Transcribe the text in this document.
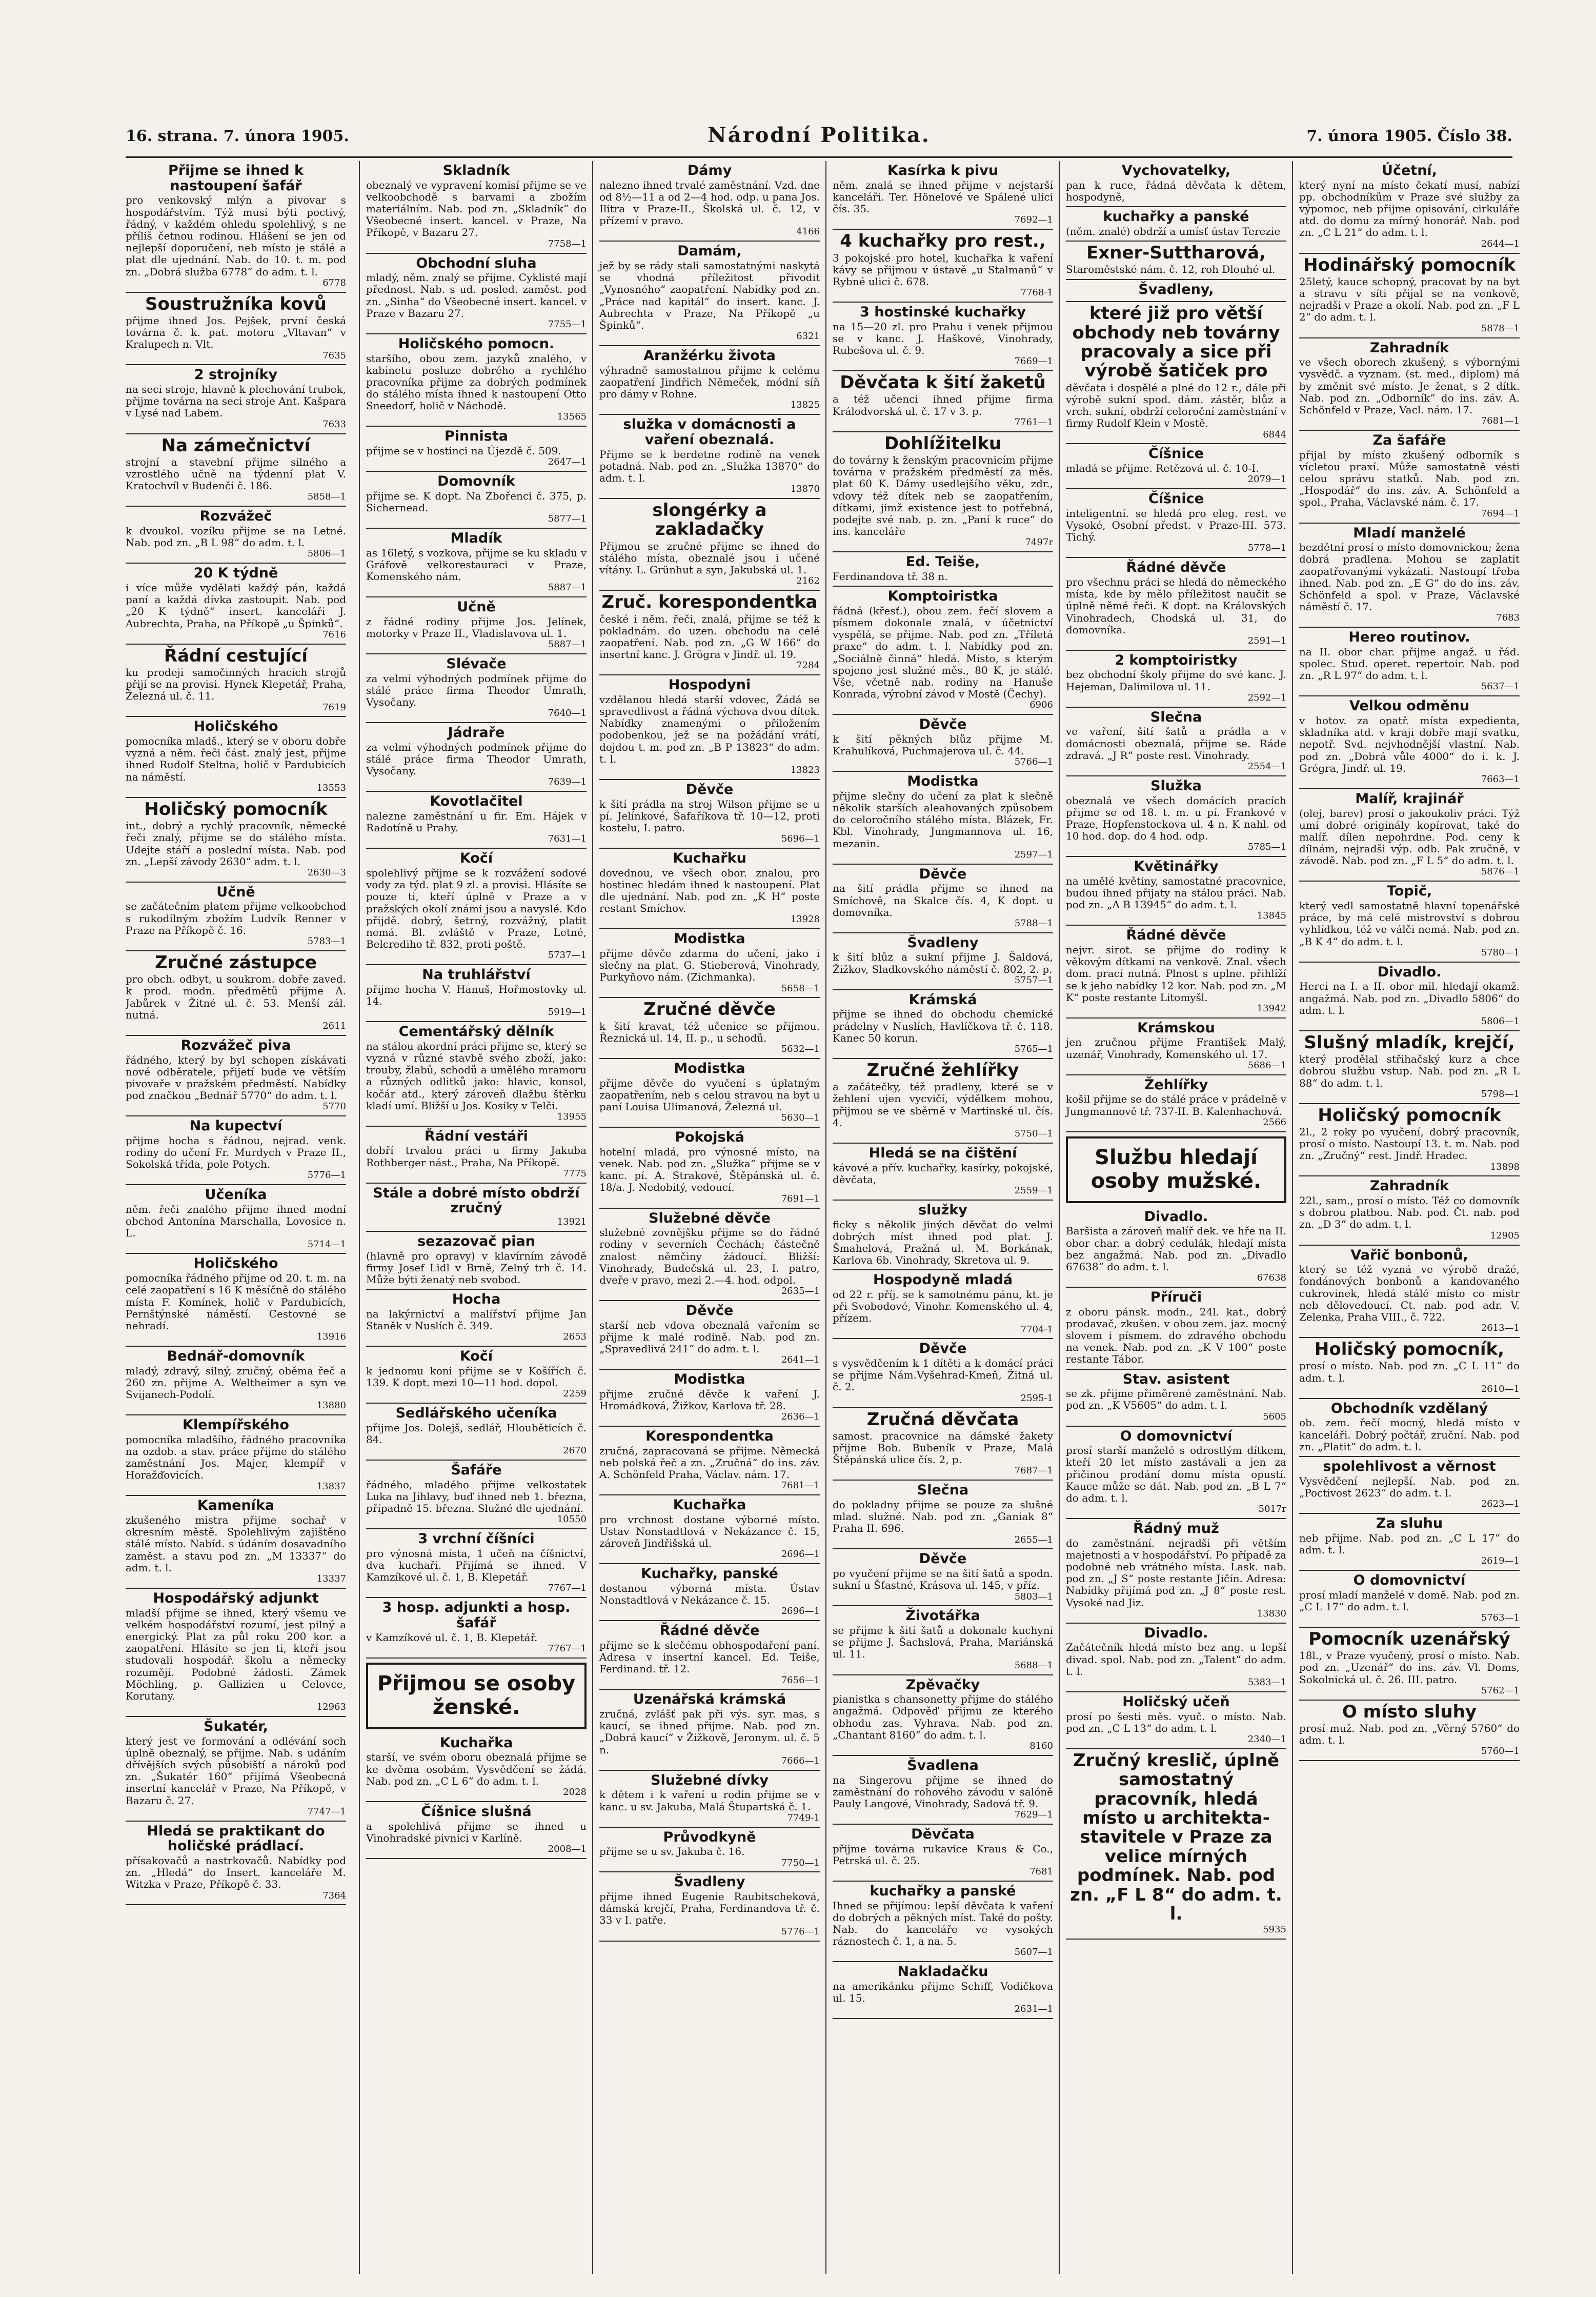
16. strana. 7. února 1905.	Národní Politika.	7. února 1905. Číslo 38.
Přijme se ihned k nastoupení šafář

pro venkovský mlýn a pivovar s hospodářstvím. Týž musí býti poctivý, řádný, v každém ohledu spolehlivý, s ne příliš četnou rodinou. Hlášení se jen od nejlepší doporučení, neb místo je stálé a plat dle ujednání. Nab. do 10. t. m. pod zn. „Dobrá služba 6778“ do adm. t. l.

6778
Soustružníka kovů

přijme ihned Jos. Pejšek, první česká továrna č. k. pat. motoru „Vltavan“ v Kralupech n. Vlt.

7635
2 strojníky

na seci stroje, hlavně k plechování trubek, přijme továrna na seci stroje Ant. Kašpara v Lysé nad Labem.

7633
Na zámečnictví

strojní a stavební přijme silného a vzrostlého učně na týdenní plat V. Kratochvíl v Budenči č. 186.

5858—1
Rozvážeč

k dvoukol. vozíku přijme se na Letné. Nab. pod zn. „B L 98“ do adm. t. l.

5806—1
20 K týdně

i více může vydělati každý pán, každá paní a každá dívka zastoupit. Nab. pod „20 K týdně“ insert. kanceláři J. Aubrechta, Praha, na Příkopě „u Špinků“.

7616
Řádní cestující

ku prodeji samočinných hracích strojů přijí se na provisi. Hynek Klepetář, Praha, Železná ul. č. 11.

7619
Holičského

pomocníka mladš., který se v oboru dobře vyzná a něm. řeči část. znalý jest, přijme ihned Rudolf Steltna, holič v Pardubicích na náměstí.

13553
Holičský pomocník

int., dobrý a rychlý pracovník, německé řeči znalý, přijme se do stálého místa. Udejte stáří a poslední místa. Nab. pod zn. „Lepší závody 2630“ adm. t. l.

2630—3
Učně

se začátečním platem přijme velkoobchod s rukodílným zbožím Ludvík Renner v Praze na Příkopě č. 16.

5783—1
Zručné zástupce

pro obch. odbyt, u soukrom. dobře zaved. k prod. modn. předmětů přijme A. Jabůrek v Žitné ul. č. 53. Menší zál. nutná.

2611
Rozvážeč piva

řádného, který by byl schopen získávati nové odběratele, přijetí bude ve větším pivovaře v pražském předměstí. Nabídky pod značkou „Bednář 5770“ do adm. t. l.

5770
Na kupectví

přijme hocha s řádnou, nejrad. venk. rodiny do učení Fr. Murdych v Praze II., Sokolská třída, pole Potych.

5776—1
Učeníka

něm. řeči znalého přijme ihned modní obchod Antonína Marschalla, Lovosice n. L.

5714—1
Holičského

pomocníka řádného přijme od 20. t. m. na celé zaopatření s 16 K měsíčně do stálého místa F. Komínek, holič v Pardubicích, Pernštýnské náměstí. Cestovné se nehradí.

13916
Bednář-domovník

mladý, zdravý, silný, zručný, oběma řeč a 260 zn. přijme A. Weltheimer a syn ve Svijanech-Podolí.

13880
Klempířského

pomocníka mladšího, řádného pracovníka na ozdob. a stav. práce přijme do stálého zaměstnání Jos. Majer, klempíř v Horažďovicích.

13837
Kameníka

zkušeného mistra přijme sochař v okresním městě. Spolehlivým zajištěno stálé místo. Nabíd. s údáním dosavadního zaměst. a stavu pod zn. „M 13337“ do adm. t. l.

13337
Hospodářský adjunkt

mladší přijme se ihned, který všemu ve velkém hospodářství rozumí, jest pilný a energický. Plat za půl roku 200 kor. a zaopatření. Hlásíte se jen ti, kteří jsou studovali hospodář. školu a německy rozumějí. Podobné žádosti. Zámek Möchling, p. Gallizien u Celovce, Korutany.

12963
Šukatér,

který jest ve formování a odlévání soch úplně obeznalý, se přijme. Nab. s udáním dřívějších svých působiští a nároků pod zn. „Šukatér 160“ přijímá Všeobecná insertní kancelář v Praze, Na Příkopě, v Bazaru č. 27.

7747—1
Hledá se praktikant do holičské prádlací.

přísakovačů a nastrkovačů. Nabídky pod zn. „Hledá“ do Insert. kanceláře M. Witzka v Praze, Příkopě č. 33.

7364
Skladník

obeznalý ve vypravení komisí přijme se ve velkoobchodě s barvami a zbožím materiálním. Nab. pod zn. „Skladník“ do Všeobecné insert. kancel. v Praze, Na Příkopě, v Bazaru 27.

7758—1
Obchodní sluha

mladý, něm. znalý se přijme. Cyklisté mají přednost. Nab. s ud. posled. zaměst. pod zn. „Sinha“ do Všeobecné insert. kancel. v Praze v Bazaru 27.

7755—1
Holičského pomocn.

staršího, obou zem. jazyků znalého, v kabinetu posluze dobrého a rychlého pracovníka přijme za dobrých podmínek do stálého místa ihned k nastoupení Otto Sneedorf, holič v Náchodě.

13565
Pinnista

přijme se v hostinci na Újezdě č. 509.

2647—1
Domovník

přijme se. K dopt. Na Zbořenci č. 375, p. Sichernead.

5877—1
Mladík

as 16letý, s vozkova, přijme se ku skladu v Gráfově velkorestauraci v Praze, Komenského nám.

5887—1
Učně

z řádné rodiny přijme Jos. Jelínek, motorky v Praze II., Vladislavova ul. 1.

5887—1
Slévače

za velmi výhodných podmínek přijme do stálé práce firma Theodor Umrath, Vysočany.

7640—1
Jádraře

za velmi výhodných podmínek přijme do stálé práce firma Theodor Umrath, Vysočany.

7639—1
Kovotlačitel

nalezne zaměstnání u fir. Em. Hájek v Radotíně u Prahy.

7631—1
Kočí

spolehlivý přijme se k rozvážení sodové vody za týd. plat 9 zl. a provisi. Hlásíte se pouze ti, kteří úplně v Praze a v pražských okolí známi jsou a navyslé. Kdo přijdě. dobrý, šetrný, rozvážný, platit nemá. Bl. zvláště v Praze, Letné, Belcrediho tř. 832, proti poště.

5737—1
Na truhlářství

přijme hocha V. Hanuš, Hořmostovky ul. 14.

5919—1
Cementářský dělník

na stálou akordní práci přijme se, který se vyzná v různé stavbě svého zboží, jako: trouby, žlabů, schodů a umělého mramoru a různých odlitků jako: hlavic, konsol, kočár atd., který zároveň dlažbu štěrku kladí umí. Bližší u Jos. Kosiky v Telči.

13955
Řádní vestáři

dobří trvalou práci u firmy Jakuba Rothberger nást., Praha, Na Příkopě.

7775
Stále a dobré místo obdrží zručný
13921
sezazovač pian

(hlavně pro opravy) v klavírním závodě firmy Josef Lidl v Brně, Zelný trh č. 14. Může býti ženatý neb svobod.

Hocha

na lakýrnictví a malířství přijme Jan Staněk v Nuslích č. 349.

2653
Kočí

k jednomu koni přijme se v Košířích č. 139. K dopt. mezi 10—11 hod. dopol.

2259
Sedlářského učeníka

přijme Jos. Dolejš, sedlář, Hlouběticích č. 84.

2670
Šafáře

řádného, mladého přijme velkostatek Luka na Jihlavy, buď ihned neb 1. března, případně 15. března. Služné dle ujednání.

10550
3 vrchní číšníci

pro výnosná místa, 1 učeň na číšnictví, dva kuchaři. Přijímá se ihned. V Kamzíkové ul. č. 1, B. Klepetář.

7767—1
3 hosp. adjunkti a hosp. šafář

v Kamzíkové ul. č. 1, B. Klepetář.

7767—1
Přijmou se osoby ženské.
Kuchařka

starší, ve svém oboru obeznalá přijme se ke dvěma osobám. Vysvědčení se žádá. Nab. pod zn. „C L 6“ do adm. t. l.

2028
Číšnice slušná

a spolehlivá přijme se ihned u Vinohradské pivnici v Karlíně.

2008—1
Dámy

nalezno ihned trvalé zaměstnání. Vzd. dne od 8½—11 a od 2—4 hod. odp. u pana Jos. Ilitra v Praze-II., Školská ul. č. 12, v přízemí v pravo.

4166
Damám,

jež by se rády stali samostatnými naskytá se vhodná příležitost přivodit „Vynosného“ zaopatření. Nabídky pod zn. „Práce nad kapitál“ do insert. kanc. J. Aubrechta v Praze, Na Příkopě „u Špinků“.

6321
Aranžérku života

výhradně samostatnou přijme k celému zaopatření Jindřich Němeček, módní síň pro dámy v Rohne.

13825
služka v domácnosti a vaření obeznalá.

Přijme se k berdetne rodině na venek potadná. Nab. pod zn. „Služka 13870“ do adm. t. l.

13870
slongérky a zakladačky

Přijmou se zručné přijme se ihned do stálého místa, obeznalé jsou i učené vítány. L. Grünhut a syn, Jakubská ul. 1.

2162
Zruč. korespondentka

české i něm. řeči, znalá, přijme se též k pokladnám. do uzen. obchodu na celé zaopatření. Nab. pod zn. „G W 166“ do insertní kanc. J. Grögra v Jindř. ul. 19.

7284
Hospodyni

vzdělanou hledá starší vdovec, Žádá se spravedlivost a řádná výchova dvou dítek. Nabídky znamenými o přiložením podobenkou, jež se na požádání vrátí, dojdou t. m. pod zn. „B P 13823“ do adm. t. l.

13823
Děvče

k šití prádla na stroj Wilson přijme se u pí. Jelínkové, Šafaříkova tř. 10—12, proti kostelu, I. patro.

5696—1
Kuchařku

dovednou, ve všech obor. znalou, pro hostinec hledám ihned k nastoupení. Plat dle ujednání. Nab. pod zn. „K H“ poste restant Smíchov.

13928
Modistka

přijme děvče zdarma do učení, jako i slečny na plat. G. Stieberová, Vinohrady, Purkyňovo nám. (Zichmanka).

5658—1
Zručné děvče

k šití kravat, též učenice se přijmou. Řeznická ul. 14, II. p., u schodů.

5632—1
Modistka

přijme děvče do vyučení s úplatným zaopatřením, neb s celou stravou na byt u paní Louisa Ulimanová, Železná ul.

5630—1
Pokojská

hotelní mladá, pro výnosné místo, na venek. Nab. pod zn. „Služka“ přijme se v kanc. pí. A. Strakové, Štěpánská ul. č. 18/a. J. Nedobitý, vedoucí.

7691—1
Služebné děvče

služebné zovnějšku přijme se do řádné rodiny v severních Čechách; částečně znalost němčiny žádoucí. Bližší: Vinohrady, Budečská ul. 23, I. patro, dveře v pravo, mezi 2.—4. hod. odpol.

2635—1
Děvče

starší neb vdova obeznalá vařením se přijme k malé rodině. Nab. pod zn. „Spravedlivá 241“ do adm. t. l.

2641—1
Modistka

přijme zručné děvče k vaření J. Hromádková, Žižkov, Karlova tř. 28.

2636—1
Korespondentka

zručná, zapracovaná se přijme. Německá neb polská řeč a zn. „Zručná“ do ins. záv. A. Schönfeld Praha, Václav. nám. 17.

7681—1
Kuchařka

pro vrchnost dostane výborné místo. Ustav Nonstadtlová v Nekázance č. 15, zároveň Jindřišská ul.

2696—1
Kuchařky, panské

dostanou výborná místa. Ústav Nonstadtlová v Nekázance č. 15.

2696—1
Řádné děvče

přijme se k slečému obhospodaření paní. Adresa v insertní kancel. Ed. Teiše, Ferdinand. tř. 12.

7656—1
Uzenářská krámská

zručná, zvlášť pak při výs. syr. mas, s kaucí, se ihned přijme. Nab. pod zn. „Dobrá kaucí“ v Žižkově, Jeronym. ul. č. 5 n.

7666—1
Služebné dívky

k dětem i k vaření u rodin přijme se v kanc. u sv. Jakuba, Malá Štupartská č. 1.

7749-1
Průvodkyně

přijme se u sv. Jakuba č. 16.

7750—1
Švadleny

přijme ihned Eugenie Raubitscheková, dámská krejčí, Praha, Ferdinandova tř. č. 33 v I. patře.

5776—1
Kasírka k pivu

něm. znalá se ihned přijme v nejstarší kanceláři. Ter. Hönelové ve Spálené ulici čís. 35.

7692—1
4 kuchařky pro rest.,

3 pokojské pro hotel, kuchařka k vaření kávy se přijmou v ústavě „u Stalmanů“ v Rybné ulici č. 678.

7768-1
3 hostinské kuchařky

na 15—20 zl. pro Prahu i venek přijmou se v kanc. J. Haškové, Vinohrady, Rubešova ul. č. 9.

7669—1
Děvčata k šití žaketů

a též učenci ihned přijme firma Králodvorská ul. č. 17 v 3. p.

7761—1
Dohlížitelku

do továrny k ženským pracovnicím přijme továrna v pražském předměstí za měs. plat 60 K. Dámy usedlejšího věku, zdr., vdovy též dítek neb se zaopatřením, dítkami, jimž existence jest to potřebná, podejte své nab. p. zn. „Paní k ruce“ do ins. kanceláře

7497r
Ed. Teiše,

Ferdinandova tř. 38 n.

Komptoiristka

řádná (křesť.), obou zem. řečí slovem a písmem dokonale znalá, v účetnictví vyspělá, se přijme. Nab. pod zn. „Tříletá praxe“ do adm. t. l. Nabídky pod zn. „Sociálně činná“ hledá. Místo, s kterým spojeno jest služné měs., 80 K, je stálé. Vše, včetně nab. rodiny na Hanuše Konrada, výrobní závod v Mostě (Čechy).

6906
Děvče

k šití pěkných blůz přijme M. Krahulíková, Puchmajerova ul. č. 44.

5766—1
Modistka

přijme slečny do učení za plat k slečně několik starších aleahovaných způsobem do celoročního stálého místa. Blázek, Fr. Kbl. Vinohrady, Jungmannova ul. 16, mezanin.

2597—1
Děvče

na šití prádla přijme se ihned na Smíchově, na Skalce čís. 4, K dopt. u domovníka.

5788—1
Švadleny

k šití blůz a sukní přijme J. Šaldová, Žižkov, Sladkovského náměstí č. 802, 2. p.

5757—1
Krámská

přijme se ihned do obchodu chemické prádelny v Nuslích, Havlíčkova tř. č. 118. Kanec 50 korun.

5765—1
Zručné žehlířky

a začátečky, též pradleny, které se v žehlení ujen vycvičí, výdělkem mohou, přijmou se ve sběrně v Martinské ul. čís. 4.

5750—1
Hledá se na čištění

kávové a přív. kuchařky, kasírky, pokojské, děvčata,

2559—1
služky

ficky s několik jiných děvčat do velmi dobrých míst ihned pod plat. J. Šmahelová, Pražná ul. M. Borkának, Karlova 6b. Vinohrady, Skretova ul. 9.

Hospodyně mladá

od 22 r. příj. se k samotnému pánu, kt. je při Svobodové, Vinohr. Komenského ul. 4, přízem.

7704-1
Děvče

s vysvědčením k 1 dítěti a k domácí práci se přijme Nám.Vyšehrad-Kmeň, Žitná ul. č. 2.

2595-1
Zručná děvčata

samost. pracovnice na dámské žakety přijme Bob. Bubeník v Praze, Malá Štěpánská ulice čís. 2, p.

7687—1
Slečna

do pokladny přijme se pouze za slušné mlad. služné. Nab. pod zn. „Ganiak 8“ Praha II. 696.

2655—1
Děvče

po vyučení přijme se na šití šatů a spodn. sukní u Šťastné, Krásova ul. 145, v příz.

5803—1
Životářka

se přijme k šití šatů a dokonale kuchyni se přijme J. Šachslová, Praha, Mariánská ul. 11.

5688—1
Zpěvačky

pianistka s chansonetty přijme do stálého angažmá. Odpověď přijmu ze kterého obhodu zas. Vyhrava. Nab. pod zn. „Chantant 8160“ do adm. t. l.

8160
Švadlena

na Singerovu přijme se ihned do zaměstnání do rohového závodu v salóně Pauly Langové, Vinohrady, Sadová tř. 9.

7629—1
Děvčata

přijme továrna rukavice Kraus & Co., Petrská ul. č. 25.

7681
kuchařky a panské

Ihned se přijímou: lepší děvčata k vaření do dobrých a pěkných míst. Také do pošty. Nab. do kanceláře ve vysokých ráznostech č. 1, a na. 5.

5607—1
Nakladačku

na amerikánku přijme Schiff, Vodičkova ul. 15.

2631—1
Vychovatelky,

pan k ruce, řádná děvčata k dětem, hospodyně,

kuchařky a panské

(něm. znalé) obdrží a umísť ústav Terezie

Exner-Suttharová,

Staroměstské nám. č. 12, roh Dlouhé ul.

Švadleny,
které již pro větší obchody neb továrny pracovaly a sice při výrobě šatiček pro

děvčata i dospělé a plné do 12 r., dále při výrobě sukní spod. dám. zástěr, blůz a vrch. sukní, obdrží celoroční zaměstnání v firmy Rudolf Klein v Mostě.

6844
Číšnice

mladá se přijme. Retězová ul. č. 10-I.

2079—1
Číšnice

inteligentní. se hledá pro eleg. rest. ve Vysoké, Osobní předst. v Praze-III. 573. Tichý.

5778—1
Řádné děvče

pro všechnu práci se hledá do německého místa, kde by mělo příležitost naučit se úplně němé řeči. K dopt. na Královských Vinohradech, Chodská ul. 31, do domovníka.

2591—1
2 komptoiristky

bez obchodní školy přijme do své kanc. J. Hejeman, Dalimilova ul. 11.

2592—1
Slečna

ve vaření, šití šatů a prádla a v domácnosti obeznalá, přijme se. Ráde zdravá. „J R“ poste rest. Vinohrady.

2554—1
Služka

obeznalá ve všech domácích pracích přijme se od 18. t. m. u pí. Frankové v Praze, Hopfenstockova ul. 4 n. K nahl. od 10 hod. dop. do 4 hod. odp.

5785—1
Květinářky

na umělé květiny, samostatné pracovnice, budou ihned přijaty na stálou práci. Nab. pod zn. „A B 13945“ do adm. t. l.

13845
Řádné děvče

nejvr. sirot. se přijme do rodiny k věkovým dítkami na venkově. Znal. všech dom. prací nutná. Plnost s uplne. přihlíží se k jeho nabídky 12 kor. Nab. pod zn. „M K“ poste restante Litomyšl.

13942
Krámskou

jen zručnou přijme František Malý, uzenář, Vinohrady, Komenského ul. 17.

5686—1
Žehlířky

košil přijme se do stálé práce v prádelně v Jungmannově tř. 737-II. B. Kalenhachová.

2566
Službu hledají osoby mužské.
Divadlo.

Baršista a zároveň malíř dek. ve hře na II. obor char. a dobrý cedulák, hledají místa bez angažmá. Nab. pod zn. „Divadlo 67638“ do adm. t. l.

67638
Příruči

z oboru pánsk. modn., 24l. kat., dobrý prodavač, zkušen. v obou zem. jaz. mocný slovem i písmem. do zdravého obchodu na venek. Nab. pod zn. „K V 100“ poste restante Tábor.

Stav. asistent

se zk. přijme přiměrené zaměstnání. Nab. pod zn. „K V5605“ do adm. t. l.

5605
O domovnictví

prosí starší manželé s odrostlým dítkem, kteří 20 let místo zastávali a jen za přičinou prodání domu místa opustí. Kauce může se dát. Nab. pod zn. „B L 7“ do adm. t. l.

5017r
Řádný muž

do zaměstnání. nejradši při větším majetnosti a v hospodářství. Po případě za podobné neb vrátného místa. Lask. nab. pod zn. „J S“ poste restante Jičín. Adresa: Nabídky přijímá pod zn. „J 8“ poste rest. Vysoké nad Jiz.

13830
Divadlo.

Začátečník hledá místo bez ang. u lepší divad. spol. Nab. pod zn. „Talent“ do adm. t. l.

5383—1
Holičský učeň

prosí po šesti měs. vyuč. o místo. Nab. pod zn. „C L 13“ do adm. t. l.

2340—1
Zručný kreslič, úplně samostatný pracovník, hledá místo u architekta-stavitele v Praze za velice mírných podmínek. Nab. pod zn. „F L 8“ do adm. t. l.
5935
Účetní,

který nyní na místo čekatí musí, nabízí pp. obchodníkům v Praze své služby za výpomoc, neb přijme opisování, cirkuláře atd. do domu za mírný honorář. Nab. pod zn. „C L 21“ do adm. t. l.

2644—1
Hodinářský pomocník

25letý, kauce schopný, pracovat by na byt a stravu v síti přijal se na venkově, nejradši v Praze a okolí. Nab. pod zn. „F L 2“ do adm. t. l.

5878—1
Zahradník

ve všech oborech zkušený, s výbornými vysvědč. a vyznam. (st. med., diplom) má by změnit své místo. Je ženat, s 2 dítk. Nab. pod zn. „Odborník“ do ins. záv. A. Schönfeld v Praze, Vacl. nám. 17.

7681—1
Za šafáře

přijal by místo zkušený odborník s vícletou praxí. Může samostatně vésti celou správu statků. Nab. pod zn. „Hospodář“ do ins. záv. A. Schönfeld a spol., Praha, Václavské nám. č. 17.

7694—1
Mladí manželé

bezdětní prosí o místo domovnickou; žena dobrá pradlena. Mohou se zaplatit zaopatřovanými vykázati. Nastoupí třeba ihned. Nab. pod zn. „E G“ do do ins. záv. Schönfeld a spol. v Praze, Václavské náměstí č. 17.

7683
Hereo routinov.

na II. obor char. přijme angaž. u řád. spolec. Stud. operet. repertoir. Nab. pod zn. „R L 97“ do adm. t. l.

5637—1
Velkou odměnu

v hotov. za opatř. místa expedienta, skladníka atd. v kraji dobře mají svatku, nepotř. Svd. nejvhodnější vlastní. Nab. pod zn. „Dobrá vůle 4000“ do i. k. J. Grégra, Jindř. ul. 19.

7663—1
Malíř, krajinář

(olej, barev) prosí o jakoukoliv práci. Týž umí dobré originály kopírovat, také do malíř. dílen nepohrdne. Pod. ceny k dílnám, nejradši výp. odb. Pak zručně, v závodě. Nab. pod zn. „F L 5“ do adm. t. l.

5876—1
Topič,

který vedl samostatně hlavní topenářské práce, by má celé mistrovství s dobrou vyhlídkou, též ve válči nemá. Nab. pod zn. „B K 4“ do adm. t. l.

5780—1
Divadlo.

Herci na I. a II. obor mil. hledají okamž. angažmá. Nab. pod zn. „Divadlo 5806“ do adm. t. l.

5806—1
Slušný mladík, krejčí,

který prodělal střihačský kurz a chce dobrou službu vstup. Nab. pod zn. „R L 88“ do adm. t. l.

5798—1
Holičský pomocník

2l., 2 roky po vyučení, dobrý pracovník, prosí o místo. Nastoupí 13. t. m. Nab. pod zn. „Zručný“ rest. Jindř. Hradec.

13898
Zahradník

22l., sam., prosí o místo. Též co domovník s dobrou platbou. Nab. pod. Čt. nab. pod zn. „D 3“ do adm. t. l.

12905
Vařič bonbonů,

který se též vyzná ve výrobě dražé, fondánových bonbonů a kandovaného cukrovinek, hledá stálé místo co mistr neb dělovedoucí. Ct. nab. pod adr. V. Zelenka, Praha VIII., č. 722.

2613—1
Holičský pomocník,

prosí o místo. Nab. pod zn. „C L 11“ do adm. t. l.

2610—1
Obchodník vzdělaný

ob. zem. řečí mocný, hledá místo v kanceláři. Dobrý počtář, zruční. Nab. pod zn. „Platit“ do adm. t. l.

spolehlivost a věrnost

Vysvědčení nejlepší. Nab. pod zn. „Poctivost 2623“ do adm. t. l.

2623—1
Za sluhu

neb přijme. Nab. pod zn. „C L 17“ do adm. t. l.

2619—1
O domovnictví

prosí mladí manželé v domě. Nab. pod zn. „C L 17“ do adm. t. l.

5763—1
Pomocník uzenářský

18l., v Praze vyučený, prosí o místo. Nab. pod zn. „Uzenář“ do ins. záv. Vl. Doms, Sokolnická ul. č. 26. III. patro.

5762—1
O místo sluhy

prosí muž. Nab. pod zn. „Věrný 5760“ do adm. t. l.

5760—1
